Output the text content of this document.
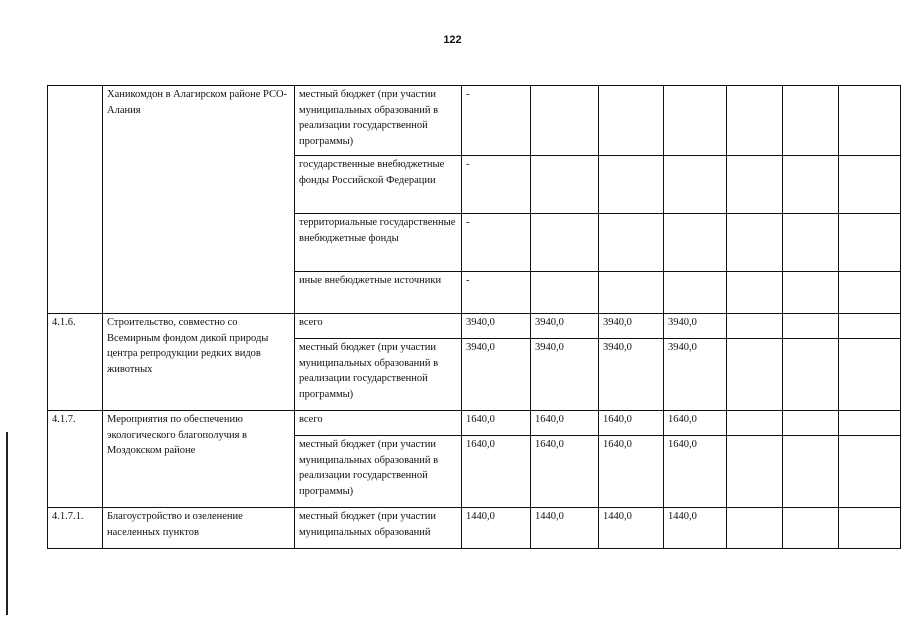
122
	Ханикомдон в Алагирском районе РСО-Алания	местный бюджет (при участии муниципальных образований в реализации государственной программы)	-						
		государственные внебюджетные фонды Российской Федерации	-						
		территориальные государственные внебюджетные фонды	-						
		иные внебюджетные источники	-						
4.1.6.	Строительство, совместно со Всемирным фондом дикой природы центра репродукции редких видов животных	всего	3940,0	3940,0	3940,0	3940,0			
		местный бюджет (при участии муниципальных образований в реализации государственной программы)	3940,0	3940,0	3940,0	3940,0			
4.1.7.	Мероприятия по обеспечению экологического благополучия в Моздокском районе	всего	1640,0	1640,0	1640,0	1640,0			
		местный бюджет (при участии муниципальных образований в реализации государственной программы)	1640,0	1640,0	1640,0	1640,0			
4.1.7.1.	Благоустройство и озеленение населенных пунктов	местный бюджет (при участии муниципальных образований	1440,0	1440,0	1440,0	1440,0			
